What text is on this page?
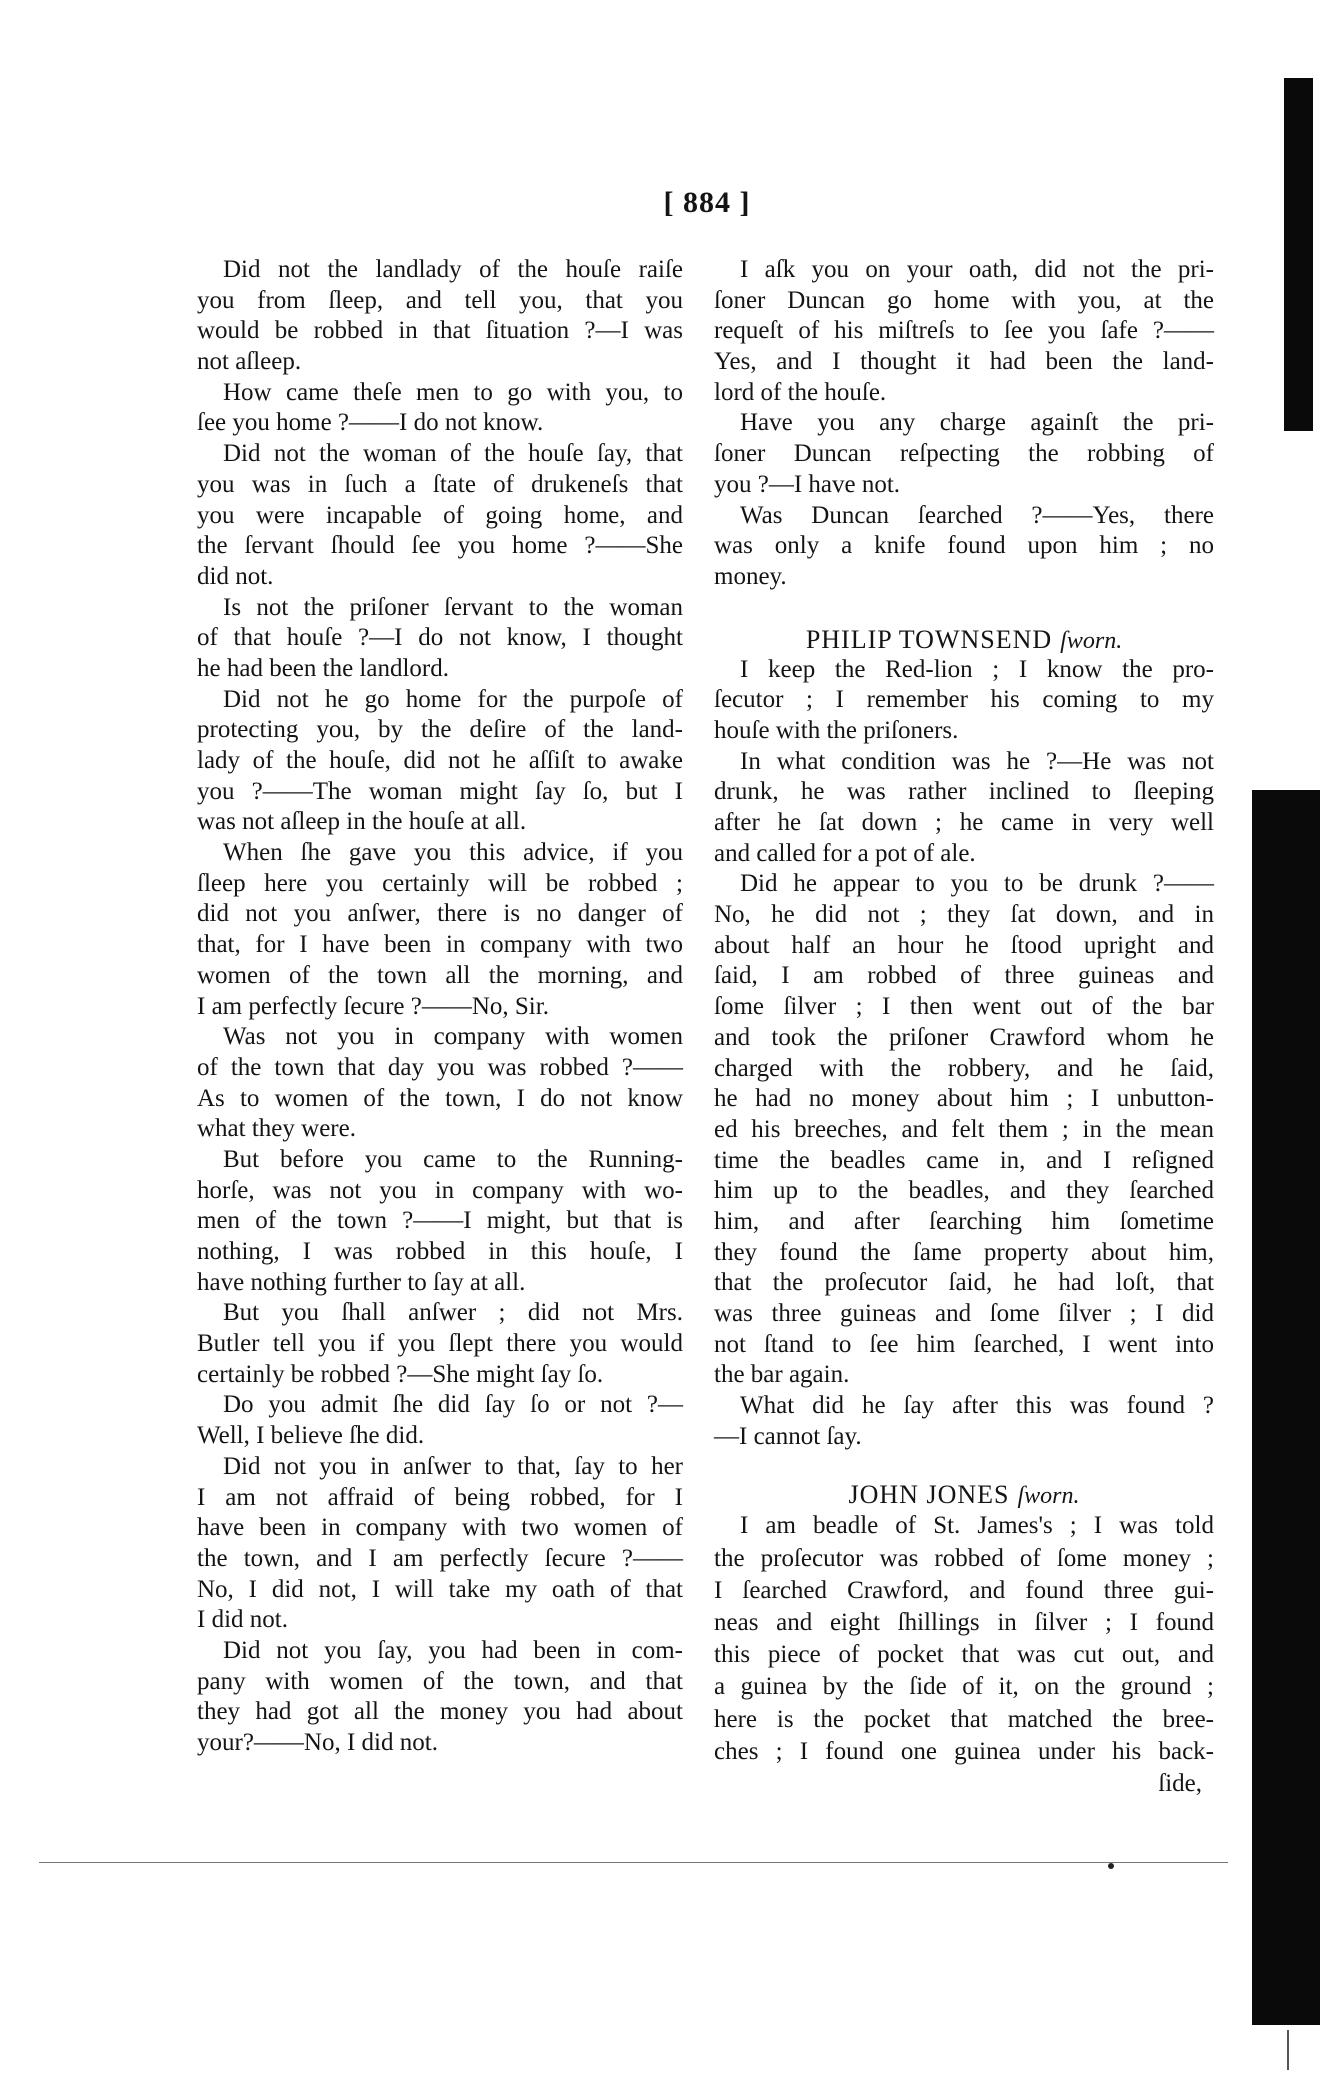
[ 884 ]
Did not the landlady of the houſe raiſe
you from ſleep, and tell you, that you
would be robbed in that ſituation ?—I was
not aſleep.
How came theſe men to go with you, to
ſee you home ?——I do not know.
Did not the woman of the houſe ſay, that
you was in ſuch a ſtate of drukeneſs that
you were incapable of going home, and
the ſervant ſhould ſee you home ?——She
did not.
Is not the priſoner ſervant to the woman
of that houſe ?—I do not know, I thought
he had been the landlord.
Did not he go home for the purpoſe of
protecting you, by the deſire of the land-
lady of the houſe, did not he aſſiſt to awake
you ?——The woman might ſay ſo, but I
was not aſleep in the houſe at all.
When ſhe gave you this advice, if you
ſleep here you certainly will be robbed ;
did not you anſwer, there is no danger of
that, for I have been in company with two
women of the town all the morning, and
I am perfectly ſecure ?——No, Sir.
Was not you in company with women
of the town that day you was robbed ?——
As to women of the town, I do not know
what they were.
But before you came to the Running-
horſe, was not you in company with wo-
men of the town ?——I might, but that is
nothing, I was robbed in this houſe, I
have nothing further to ſay at all.
But you ſhall anſwer ; did not Mrs.
Butler tell you if you ſlept there you would
certainly be robbed ?—She might ſay ſo.
Do you admit ſhe did ſay ſo or not ?—
Well, I believe ſhe did.
Did not you in anſwer to that, ſay to her
I am not affraid of being robbed, for I
have been in company with two women of
the town, and I am perfectly ſecure ?——
No, I did not, I will take my oath of that
I did not.
Did not you ſay, you had been in com-
pany with women of the town, and that
they had got all the money you had about
your?——No, I did not.
I aſk you on your oath, did not the pri-
ſoner Duncan go home with you, at the
requeſt of his miſtreſs to ſee you ſafe ?——
Yes, and I thought it had been the land-
lord of the houſe.
Have you any charge againſt the pri-
ſoner Duncan reſpecting the robbing of
you ?—I have not.
Was Duncan ſearched ?——Yes, there
was only a knife found upon him ; no
money.
PHILIP TOWNSEND ſworn.
I keep the Red-lion ; I know the pro-
ſecutor ; I remember his coming to my
houſe with the priſoners.
In what condition was he ?—He was not
drunk, he was rather inclined to ſleeping
after he ſat down ; he came in very well
and called for a pot of ale.
Did he appear to you to be drunk ?——
No, he did not ; they ſat down, and in
about half an hour he ſtood upright and
ſaid, I am robbed of three guineas and
ſome ſilver ; I then went out of the bar
and took the priſoner Crawford whom he
charged with the robbery, and he ſaid,
he had no money about him ; I unbutton-
ed his breeches, and felt them ; in the mean
time the beadles came in, and I reſigned
him up to the beadles, and they ſearched
him, and after ſearching him ſometime
they found the ſame property about him,
that the proſecutor ſaid, he had loſt, that
was three guineas and ſome ſilver ; I did
not ſtand to ſee him ſearched, I went into
the bar again.
What did he ſay after this was found ?
—I cannot ſay.
JOHN JONES ſworn.
I am beadle of St. James's ; I was told
the proſecutor was robbed of ſome money ;
I ſearched Crawford, and found three gui-
neas and eight ſhillings in ſilver ; I found
this piece of pocket that was cut out, and
a guinea by the ſide of it, on the ground ;
here is the pocket that matched the bree-
ches ; I found one guinea under his back-
ſide,
